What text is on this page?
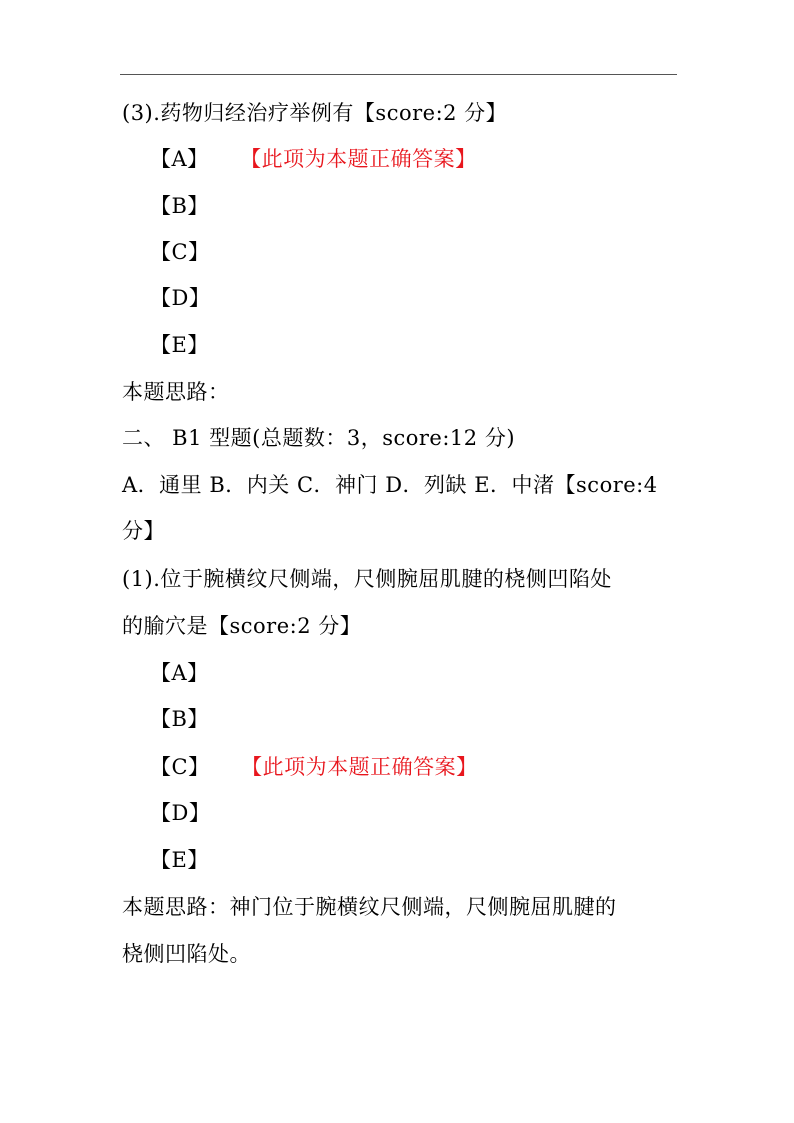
(3).药物归经治疗举例有【score:2 分】
【A】 【此项为本题正确答案】
【B】
【C】
【D】
【E】
本题思路：
二、 B1 型题(总题数：3，score:12 分)
A．通里 B．内关 C．神门 D．列缺 E．中渚【score:4
分】
(1).位于腕横纹尺侧端，尺侧腕屈肌腱的桡侧凹陷处
的腧穴是【score:2 分】
【A】
【B】
【C】 【此项为本题正确答案】
【D】
【E】
本题思路：神门位于腕横纹尺侧端，尺侧腕屈肌腱的
桡侧凹陷处。
